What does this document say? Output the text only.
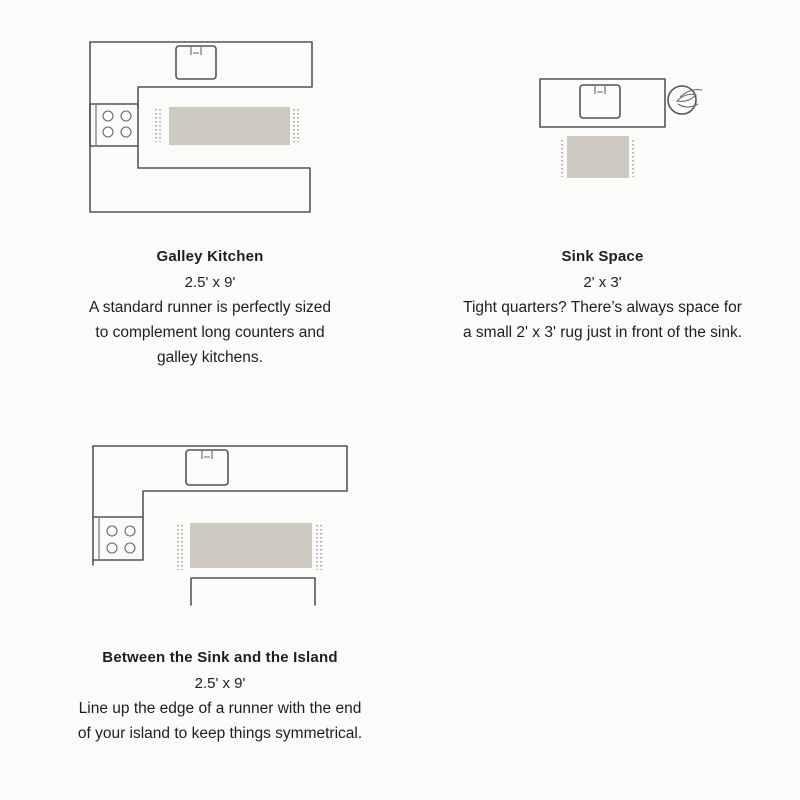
Galley Kitchen

2.5' x 9'
A standard runner is perfectly sized
to complement long counters and
galley kitchens.

Sink Space

2' x 3'
Tight quarters? There’s always space for
a small 2' x 3' rug just in front of the sink.

Between the Sink and the Island

2.5' x 9'
Line up the edge of a runner with the end
of your island to keep things symmetrical.
